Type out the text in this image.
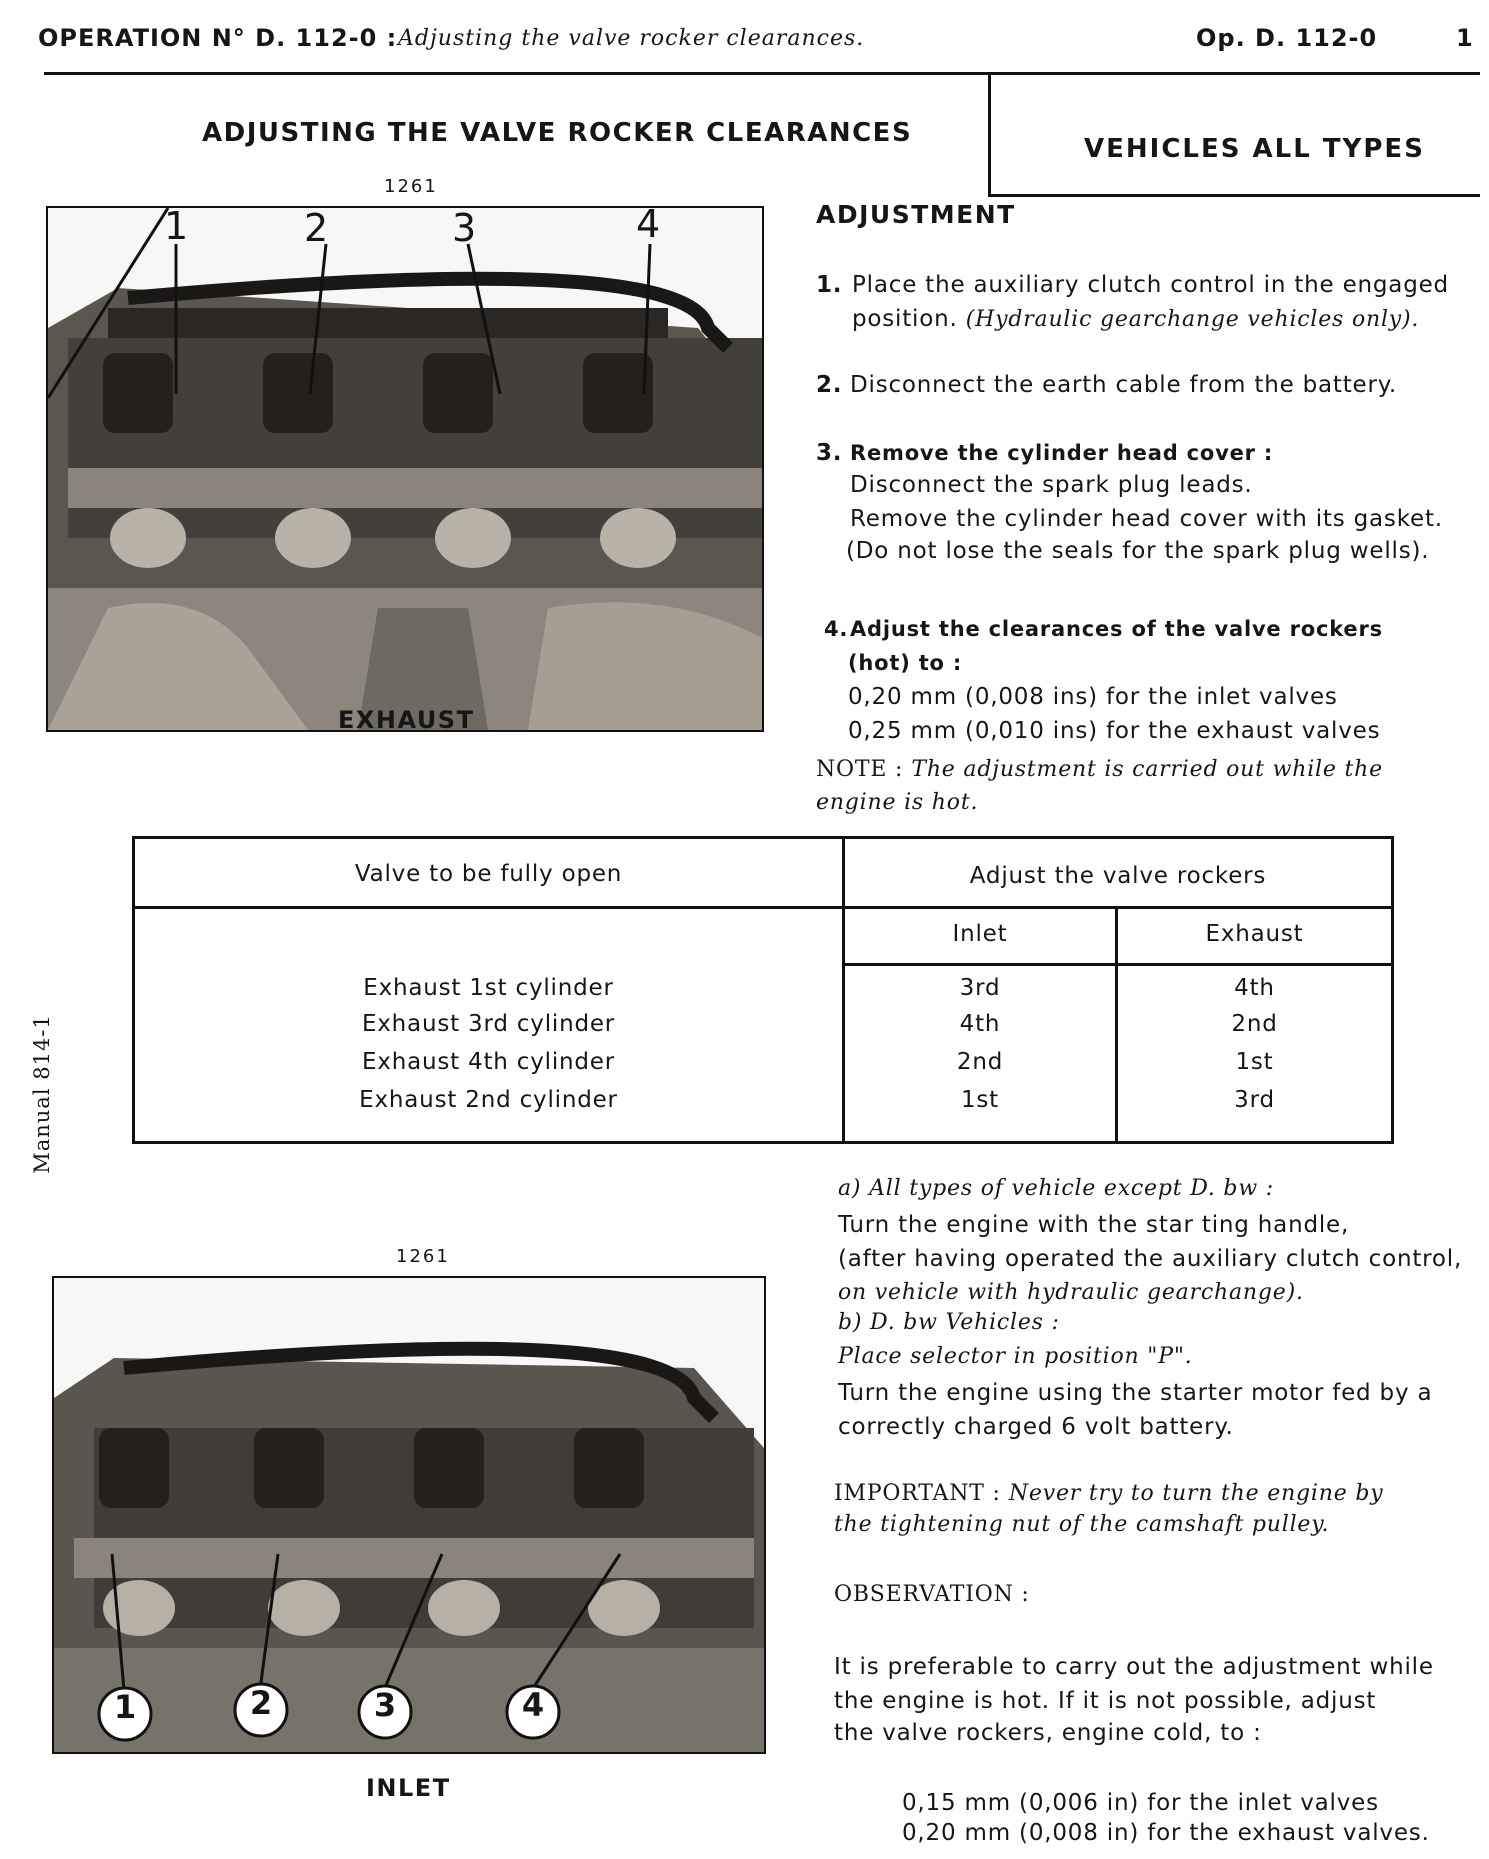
OPERATION N° D. 112-0 : Adjusting the valve rocker clearances.	Op. D. 112-0	1
VEHICLES ALL TYPES
ADJUSTING THE VALVE ROCKER CLEARANCES
Manual 814-1
1261
1	2	3	4
EXHAUST
ADJUSTMENT
1. Place the auxiliary clutch control in the engaged
position. (Hydraulic gearchange vehicles only).
2. Disconnect the earth cable from the battery.
3. Remove the cylinder head cover :
Disconnect the spark plug leads.
Remove the cylinder head cover with its gasket.
(Do not lose the seals for the spark plug wells).
4. Adjust the clearances of the valve rockers
(hot) to :
0,20 mm (0,008 ins) for the inlet valves
0,25 mm (0,010 ins) for the exhaust valves
NOTE : The adjustment is carried out while the
engine is hot.
Valve to be fully open	Adjust the valve rockers
Inlet	Exhaust
Exhaust 1st cylinder	3rd	4th
Exhaust 3rd cylinder	4th	2nd
Exhaust 4th cylinder	2nd	1st
Exhaust 2nd cylinder	1st	3rd
1261
1	2	3	4
INLET
a) All types of vehicle except D. bw :
Turn the engine with the star ting handle,
(after having operated the auxiliary clutch control,
on vehicle with hydraulic gearchange).
b) D. bw Vehicles :
Place selector in position "P".
Turn the engine using the starter motor fed by a
correctly charged 6 volt battery.
IMPORTANT : Never try to turn the engine by
the tightening nut of the camshaft pulley.
OBSERVATION :
It is preferable to carry out the adjustment while
the engine is hot. If it is not possible, adjust
the valve rockers, engine cold, to :
0,15 mm (0,006 in) for the inlet valves
0,20 mm (0,008 in) for the exhaust valves.
